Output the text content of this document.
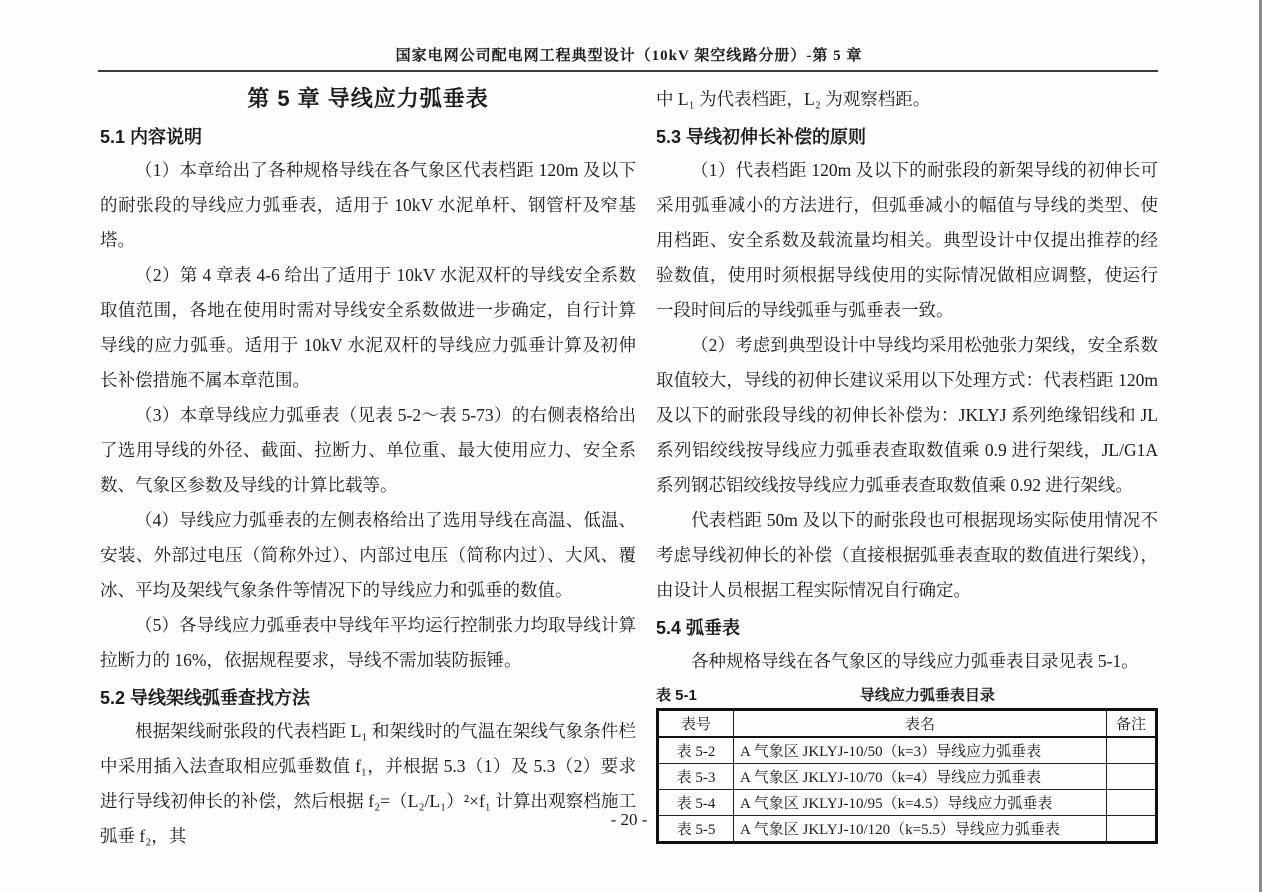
国家电网公司配电网工程典型设计（10kV 架空线路分册）-第 5 章
第 5 章 导线应力弧垂表
5.1 内容说明

（1）本章给出了各种规格导线在各气象区代表档距 120m 及以下的耐张段的导线应力弧垂表，适用于 10kV 水泥单杆、钢管杆及窄基塔。

（2）第 4 章表 4-6 给出了适用于 10kV 水泥双杆的导线安全系数取值范围，各地在使用时需对导线安全系数做进一步确定，自行计算导线的应力弧垂。适用于 10kV 水泥双杆的导线应力弧垂计算及初伸长补偿措施不属本章范围。

（3）本章导线应力弧垂表（见表 5-2～表 5-73）的右侧表格给出了选用导线的外径、截面、拉断力、单位重、最大使用应力、安全系数、气象区参数及导线的计算比载等。

（4）导线应力弧垂表的左侧表格给出了选用导线在高温、低温、安装、外部过电压（简称外过）、内部过电压（简称内过）、大风、覆冰、平均及架线气象条件等情况下的导线应力和弧垂的数值。

（5）各导线应力弧垂表中导线年平均运行控制张力均取导线计算拉断力的 16%，依据规程要求，导线不需加装防振锤。

5.2 导线架线弧垂查找方法

根据架线耐张段的代表档距 L₁ 和架线时的气温在架线气象条件栏中采用插入法查取相应弧垂数值 f₁，并根据 5.3（1）及 5.3（2）要求进行导线初伸长的补偿，然后根据 f₂=（L₂/L₁）²×f₁ 计算出观察档施工弧垂 f₂，其

中 L₁ 为代表档距，L₂ 为观察档距。

5.3 导线初伸长补偿的原则

（1）代表档距 120m 及以下的耐张段的新架导线的初伸长可采用弧垂减小的方法进行，但弧垂减小的幅值与导线的类型、使用档距、安全系数及载流量均相关。典型设计中仅提出推荐的经验数值，使用时须根据导线使用的实际情况做相应调整，使运行一段时间后的导线弧垂与弧垂表一致。

（2）考虑到典型设计中导线均采用松弛张力架线，安全系数取值较大，导线的初伸长建议采用以下处理方式：代表档距 120m 及以下的耐张段导线的初伸长补偿为：JKLYJ 系列绝缘铝线和 JL 系列铝绞线按导线应力弧垂表查取数值乘 0.9 进行架线，JL/G1A 系列钢芯铝绞线按导线应力弧垂表查取数值乘 0.92 进行架线。

代表档距 50m 及以下的耐张段也可根据现场实际使用情况不考虑导线初伸长的补偿（直接根据弧垂表查取的数值进行架线），由设计人员根据工程实际情况自行确定。

5.4 弧垂表

各种规格导线在各气象区的导线应力弧垂表目录见表 5-1。

表 5-1	导线应力弧垂表目录
表号	表名	备注
表 5-2	A 气象区 JKLYJ-10/50（k=3）导线应力弧垂表	
表 5-3	A 气象区 JKLYJ-10/70（k=4）导线应力弧垂表	
表 5-4	A 气象区 JKLYJ-10/95（k=4.5）导线应力弧垂表	
表 5-5	A 气象区 JKLYJ-10/120（k=5.5）导线应力弧垂表	
- 20 -
